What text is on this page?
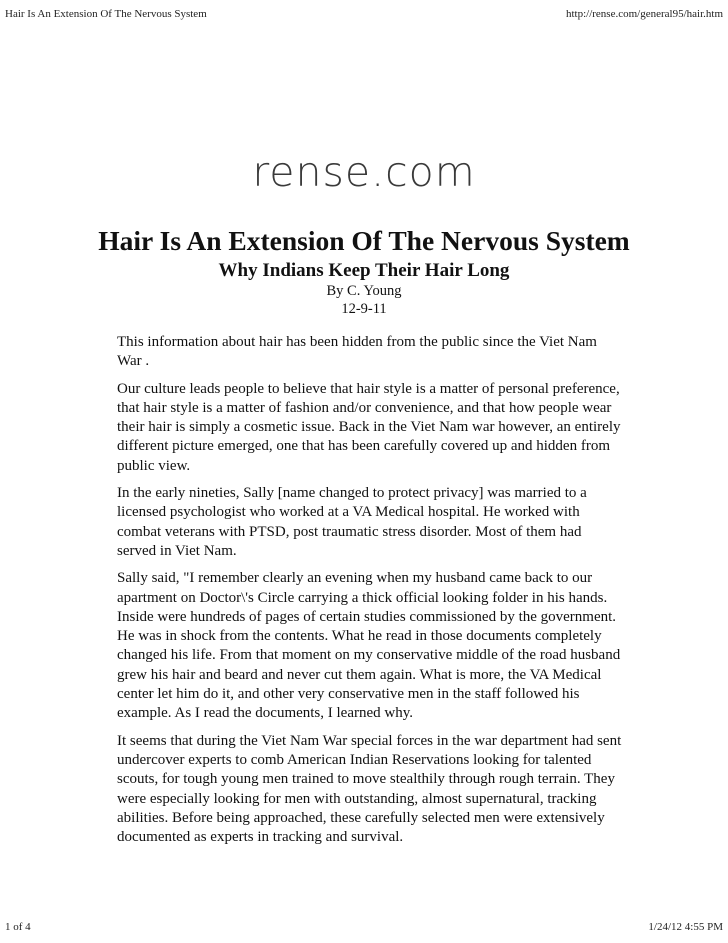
Hair Is An Extension Of The Nervous System	http://rense.com/general95/hair.htm
rense.com
Hair Is An Extension Of The Nervous System
Why Indians Keep Their Hair Long
By C. Young
12-9-11

This information about hair has been hidden from the public since the Viet Nam War .

Our culture leads people to believe that hair style is a matter of personal preference, that hair style is a matter of fashion and/or convenience, and that how people wear their hair is simply a cosmetic issue. Back in the Viet Nam war however, an entirely different picture emerged, one that has been carefully covered up and hidden from public view.

In the early nineties, Sally [name changed to protect privacy] was married to a licensed psychologist who worked at a VA Medical hospital. He worked with combat veterans with PTSD, post traumatic stress disorder. Most of them had served in Viet Nam.

Sally said, "I remember clearly an evening when my husband came back to our apartment on Doctor\'s Circle carrying a thick official looking folder in his hands. Inside were hundreds of pages of certain studies commissioned by the government. He was in shock from the contents. What he read in those documents completely changed his life. From that moment on my conservative middle of the road husband grew his hair and beard and never cut them again. What is more, the VA Medical center let him do it, and other very conservative men in the staff followed his example. As I read the documents, I learned why.

It seems that during the Viet Nam War special forces in the war department had sent undercover experts to comb American Indian Reservations looking for talented scouts, for tough young men trained to move stealthily through rough terrain. They were especially looking for men with outstanding, almost supernatural, tracking abilities. Before being approached, these carefully selected men were extensively documented as experts in tracking and survival.

1 of 4	1/24/12 4:55 PM
